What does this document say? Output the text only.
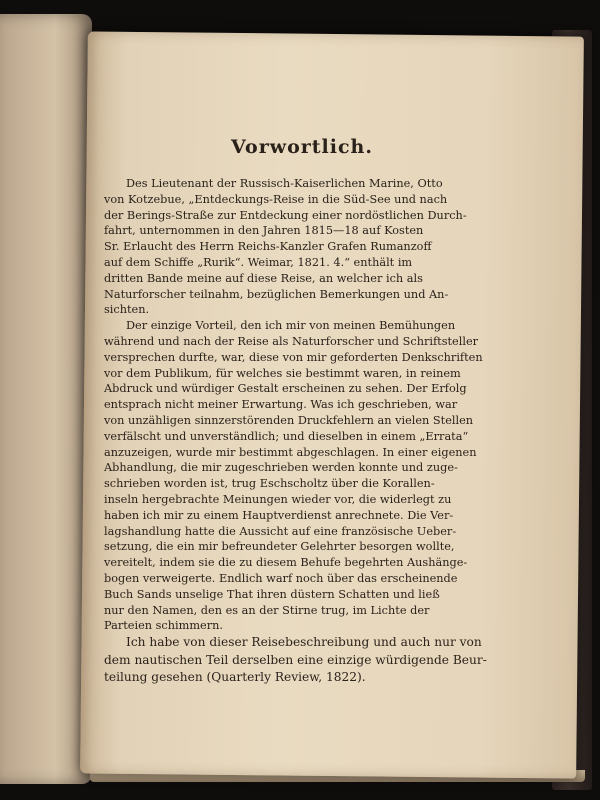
Vorwortlich.

Des Lieutenant der Russisch-Kaiserlichen Marine, Otto
von Kotzebue, „Entdeckungs-Reise in die Süd-See und nach
der Berings-Straße zur Entdeckung einer nordöstlichen Durch-
fahrt, unternommen in den Jahren 1815—18 auf Kosten
Sr. Erlaucht des Herrn Reichs-Kanzler Grafen Rumanzoff
auf dem Schiffe „Rurik“. Weimar, 1821. 4.“ enthält im
dritten Bande meine auf diese Reise, an welcher ich als
Naturforscher teilnahm, bezüglichen Bemerkungen und An-
sichten.

Der einzige Vorteil, den ich mir von meinen Bemühungen
während und nach der Reise als Naturforscher und Schriftsteller
versprechen durfte, war, diese von mir geforderten Denkschriften
vor dem Publikum, für welches sie bestimmt waren, in reinem
Abdruck und würdiger Gestalt erscheinen zu sehen. Der Erfolg
entsprach nicht meiner Erwartung. Was ich geschrieben, war
von unzähligen sinnzerstörenden Druckfehlern an vielen Stellen
verfälscht und unverständlich; und dieselben in einem „Errata“
anzuzeigen, wurde mir bestimmt abgeschlagen. In einer eigenen
Abhandlung, die mir zugeschrieben werden konnte und zuge-
schrieben worden ist, trug Eschscholtz über die Korallen-
inseln hergebrachte Meinungen wieder vor, die widerlegt zu
haben ich mir zu einem Hauptverdienst anrechnete. Die Ver-
lagshandlung hatte die Aussicht auf eine französische Ueber-
setzung, die ein mir befreundeter Gelehrter besorgen wollte,
vereitelt, indem sie die zu diesem Behufe begehrten Aushänge-
bogen verweigerte. Endlich warf noch über das erscheinende
Buch Sands unselige That ihren düstern Schatten und ließ
nur den Namen, den es an der Stirne trug, im Lichte der
Parteien schimmern.

Ich habe von dieser Reisebeschreibung und auch nur von
dem nautischen Teil derselben eine einzige würdigende Beur-
teilung gesehen (Quarterly Review, 1822).
